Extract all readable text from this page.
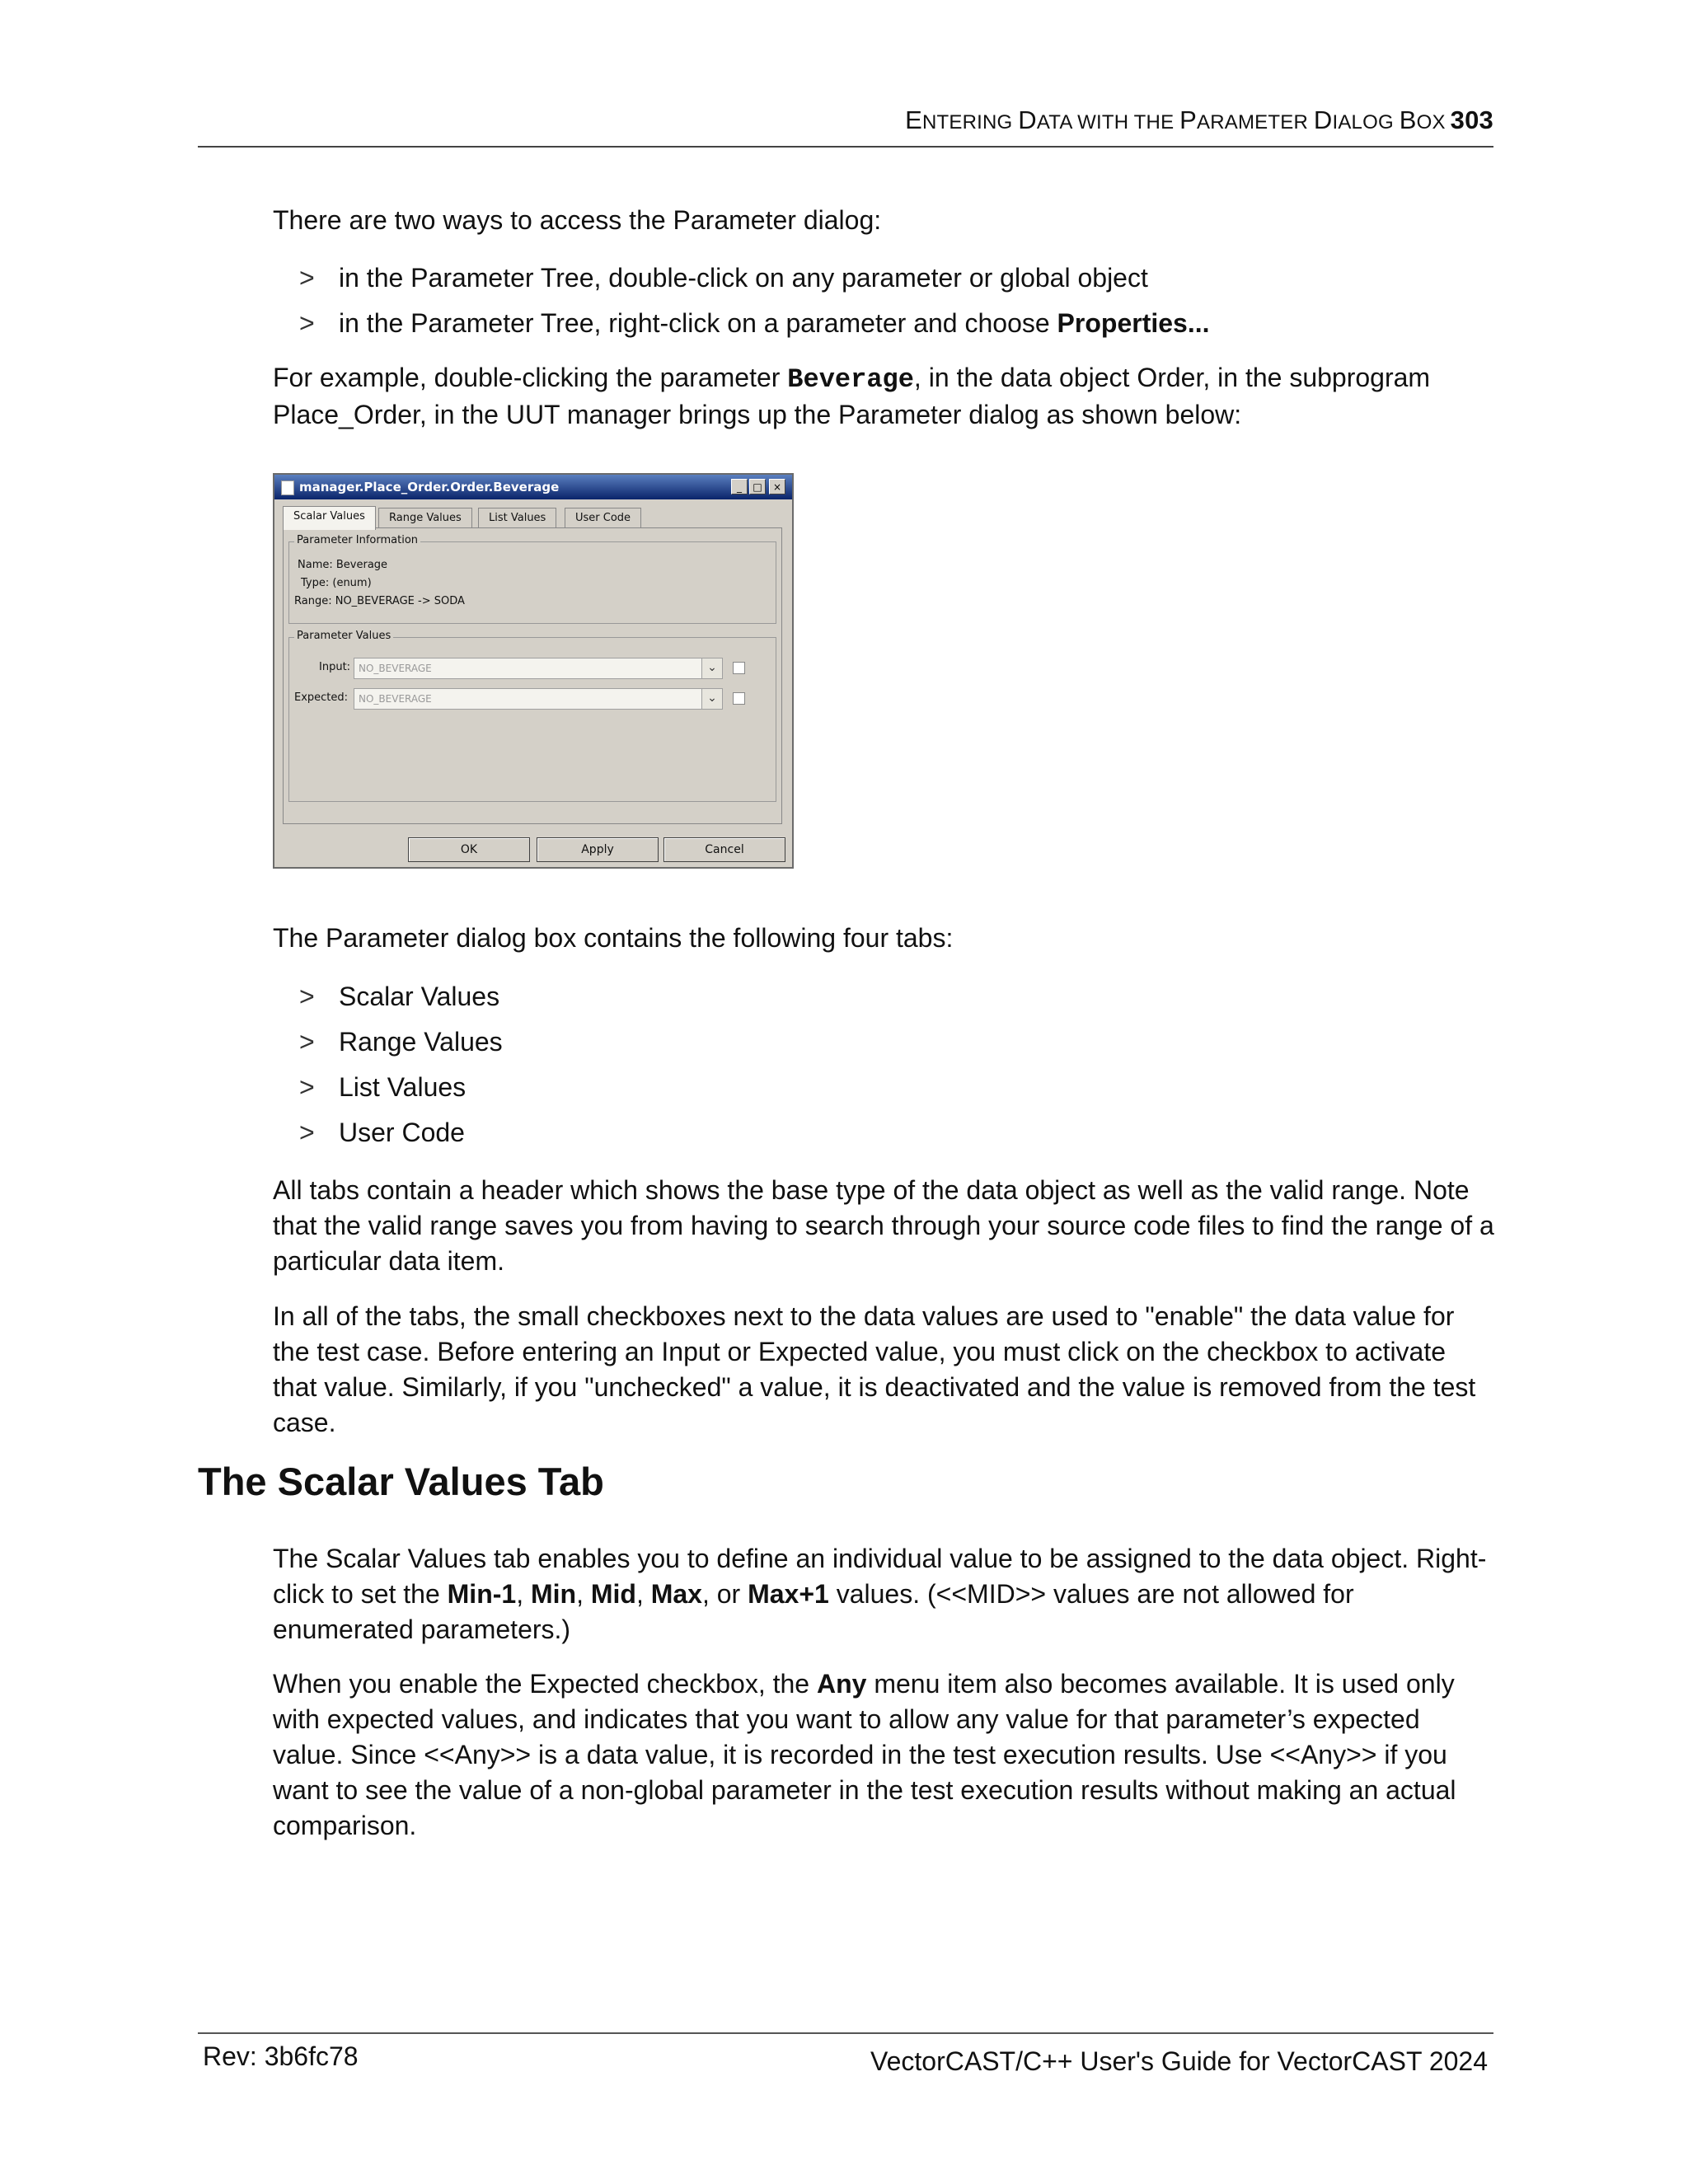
ENTERING DATA WITH THE PARAMETER DIALOG BOX 303

There are two ways to access the Parameter dialog:

> in the Parameter Tree, double-click on any parameter or global object
> in the Parameter Tree, right-click on a parameter and choose Properties...

For example, double-clicking the parameter Beverage, in the data object Order, in the subprogram Place_Order, in the UUT manager brings up the Parameter dialog as shown below:

manager.Place_Order.Order.Beverage	_	□	×
Scalar Values	Range Values	List Values	User Code
Parameter Information
Name: Beverage
Type: (enum)
Range: NO_BEVERAGE -> SODA
Parameter Values
Input: NO_BEVERAGE	⌄
Expected:	NO_BEVERAGE	⌄
OK	Apply	Cancel

The Parameter dialog box contains the following four tabs:

> Scalar Values
> Range Values
> List Values
> User Code

All tabs contain a header which shows the base type of the data object as well as the valid range. Note that the valid range saves you from having to search through your source code files to find the range of a particular data item.

In all of the tabs, the small checkboxes next to the data values are used to "enable" the data value for the test case. Before entering an Input or Expected value, you must click on the checkbox to activate that value. Similarly, if you "unchecked" a value, it is deactivated and the value is removed from the test case.

The Scalar Values Tab

The Scalar Values tab enables you to define an individual value to be assigned to the data object. Right-click to set the Min-1, Min, Mid, Max, or Max+1 values. (<<MID>> values are not allowed for enumerated parameters.)

When you enable the Expected checkbox, the Any menu item also becomes available. It is used only with expected values, and indicates that you want to allow any value for that parameter’s expected value. Since <<Any>> is a data value, it is recorded in the test execution results. Use <<Any>> if you want to see the value of a non-global parameter in the test execution results without making an actual comparison.

Rev: 3b6fc78	VectorCAST/C++ User's Guide for VectorCAST 2024
